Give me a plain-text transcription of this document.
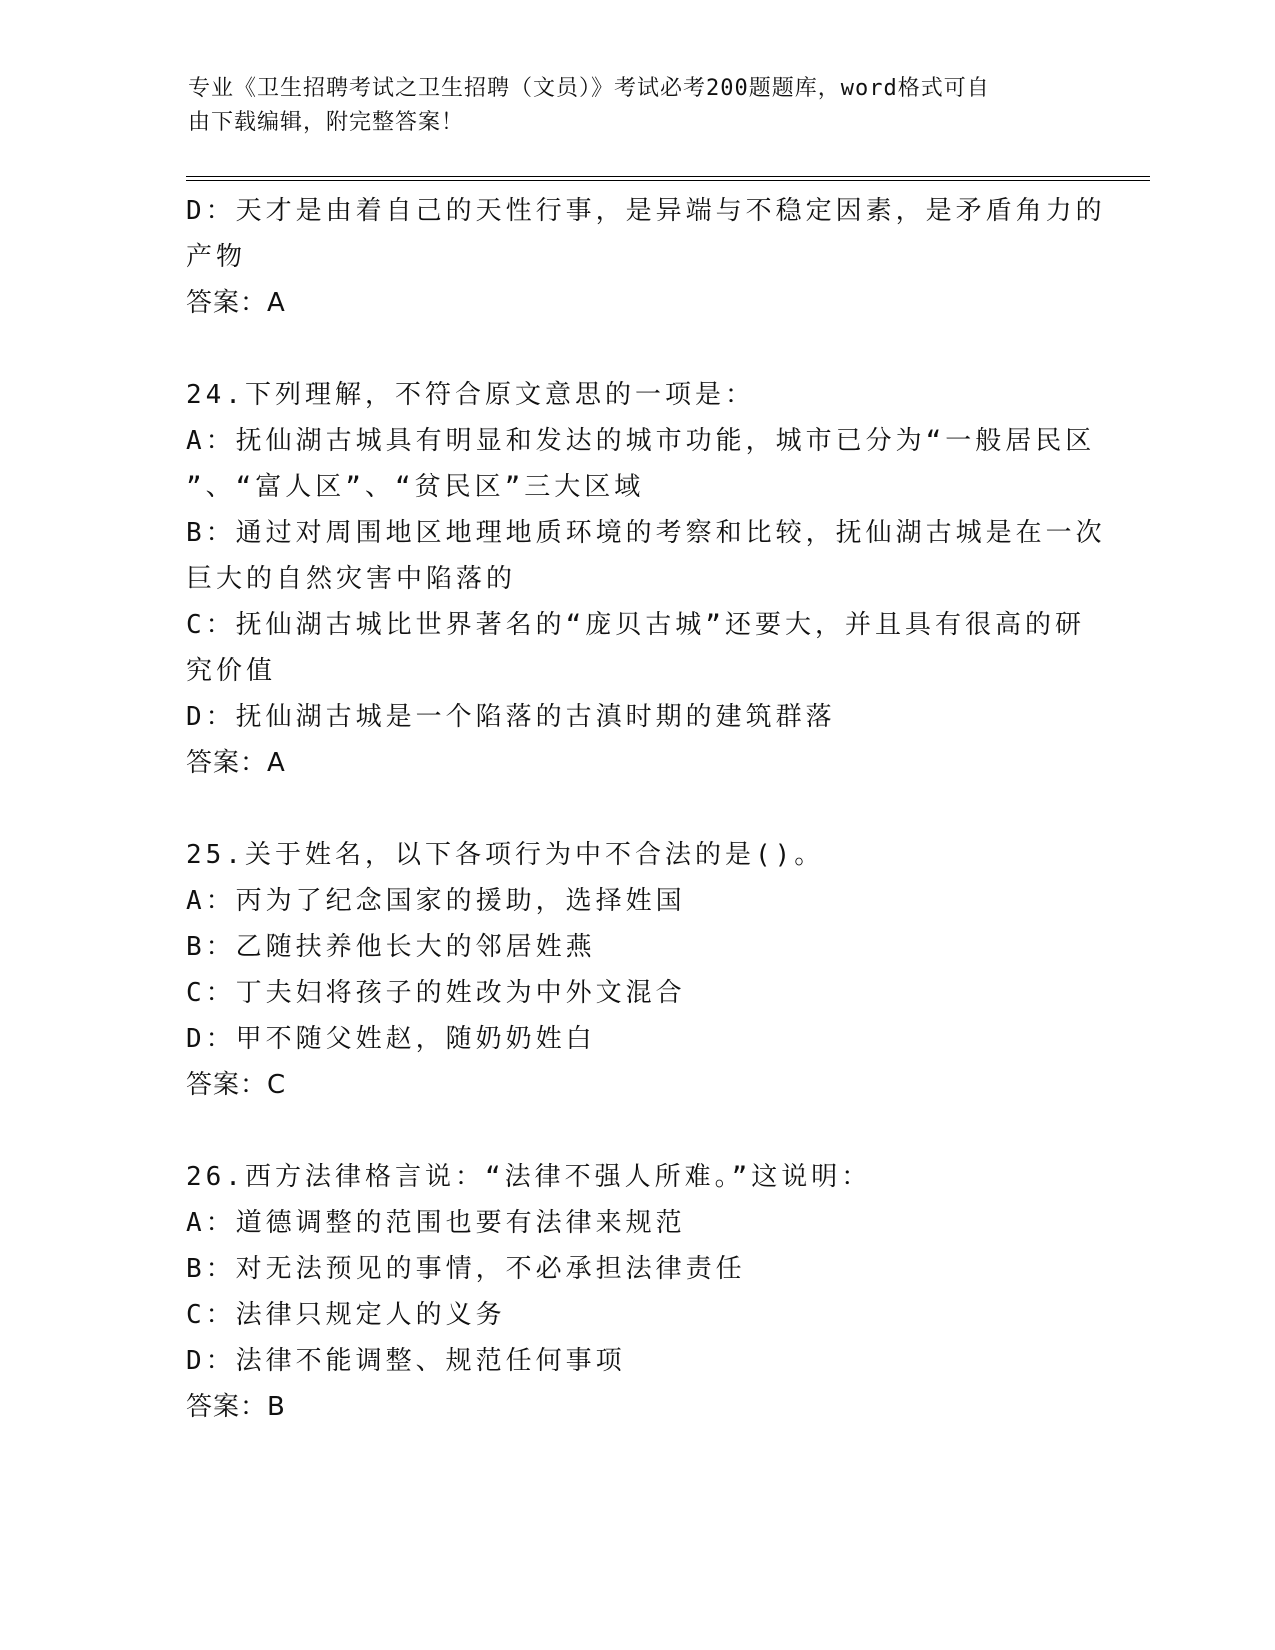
专业《卫生招聘考试之卫生招聘（文员）》考试必考200题题库，word格式可自
由下载编辑，附完整答案！

D：天才是由着自己的天性行事，是异端与不稳定因素，是矛盾角力的

产物

答案：A

24.下列理解，不符合原文意思的一项是：

A：抚仙湖古城具有明显和发达的城市功能，城市已分为“一般居民区

”、“富人区”、“贫民区”三大区域

B：通过对周围地区地理地质环境的考察和比较，抚仙湖古城是在一次

巨大的自然灾害中陷落的

C：抚仙湖古城比世界著名的“庞贝古城”还要大，并且具有很高的研

究价值

D：抚仙湖古城是一个陷落的古滇时期的建筑群落

答案：A

25.关于姓名，以下各项行为中不合法的是()。

A：丙为了纪念国家的援助，选择姓国

B：乙随扶养他长大的邻居姓燕

C：丁夫妇将孩子的姓改为中外文混合

D：甲不随父姓赵，随奶奶姓白

答案：C

26.西方法律格言说：“法律不强人所难。”这说明：

A：道德调整的范围也要有法律来规范

B：对无法预见的事情，不必承担法律责任

C：法律只规定人的义务

D：法律不能调整、规范任何事项

答案：B
